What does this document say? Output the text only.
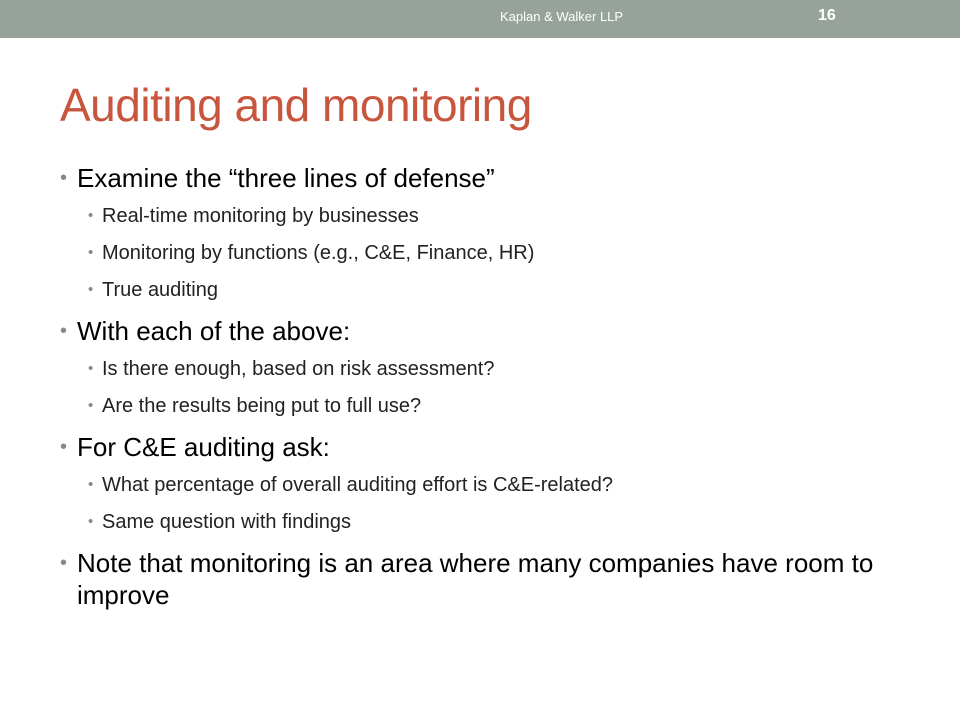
Kaplan & Walker LLP	16
Auditing and monitoring
• Examine the “three lines of defense”
• Real-time monitoring by businesses
• Monitoring by functions (e.g., C&E, Finance, HR)
• True auditing
• With each of the above:
• Is there enough, based on risk assessment?
• Are the results being put to full use?
• For C&E auditing ask:
• What percentage of overall auditing effort is C&E-related?
• Same question with findings
• Note that monitoring is an area where many companies have room to improve
